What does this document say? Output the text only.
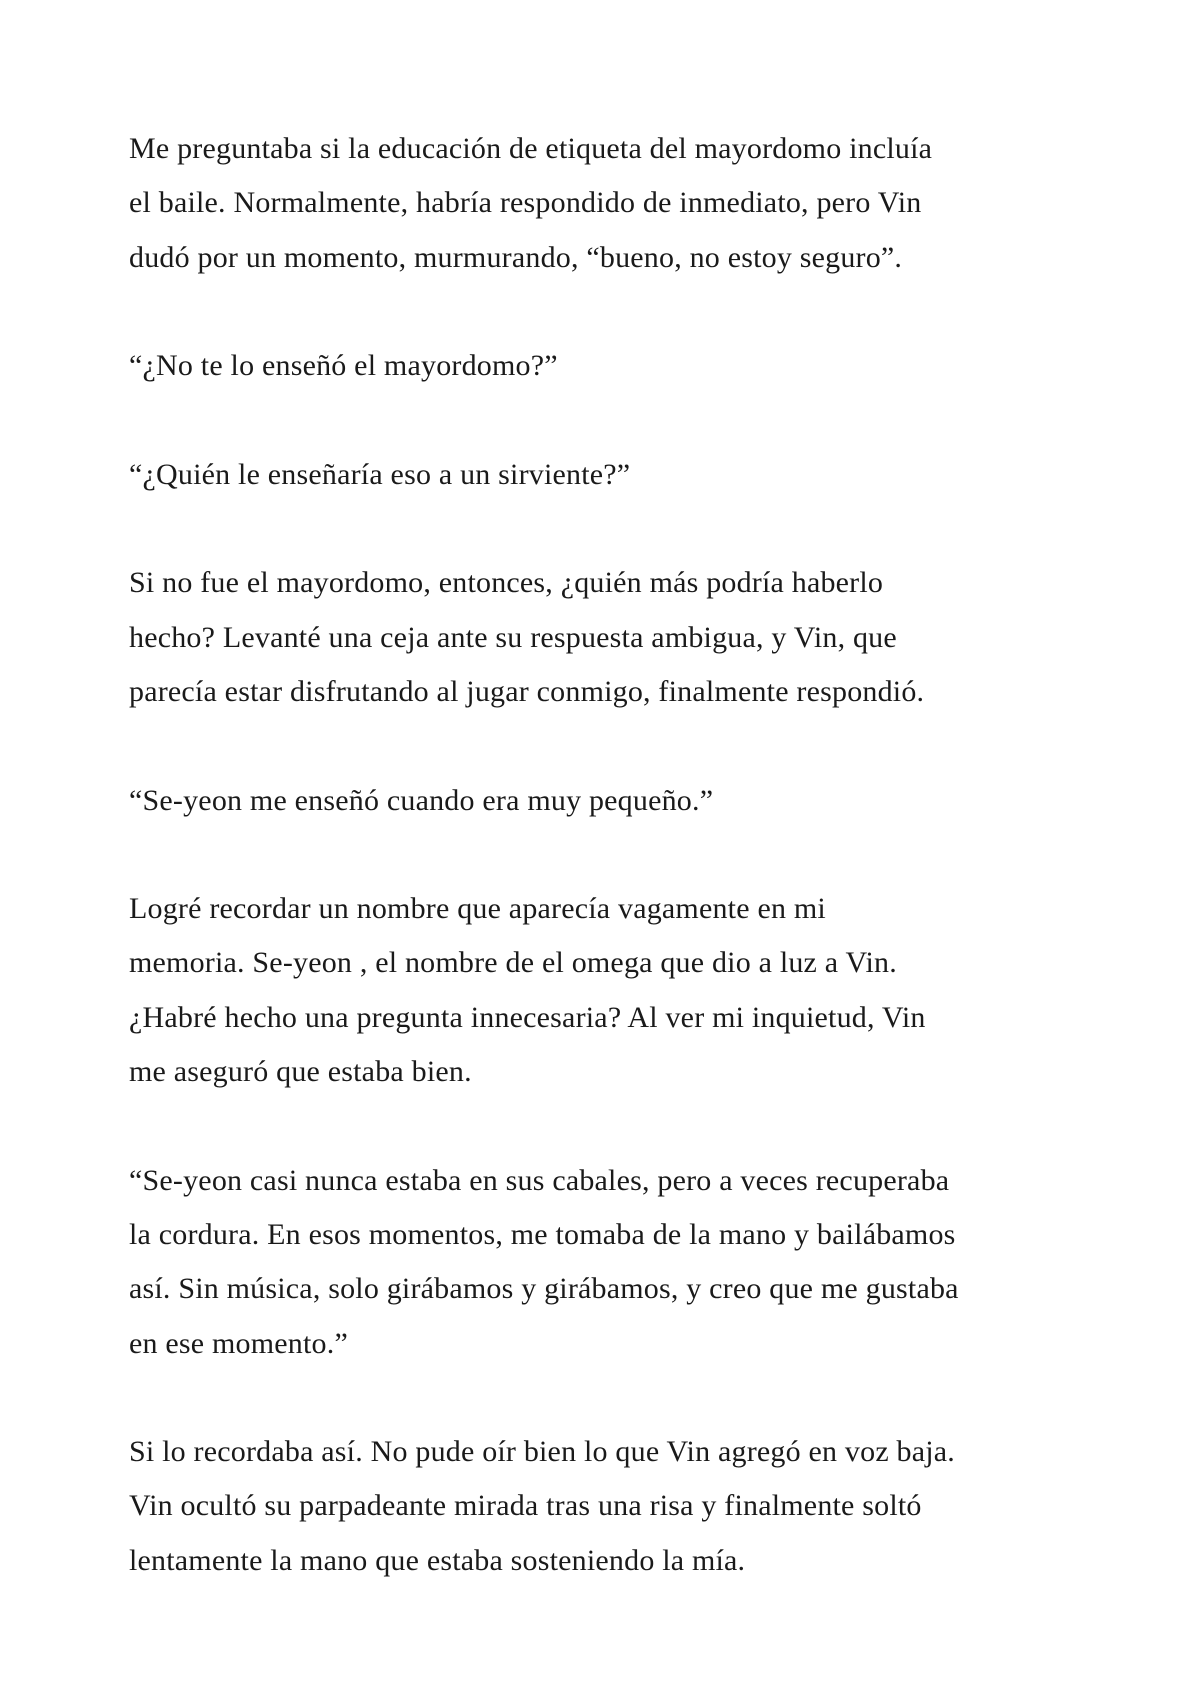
Me preguntaba si la educación de etiqueta del mayordomo incluía
el baile. Normalmente, habría respondido de inmediato, pero Vin
dudó por un momento, murmurando, “bueno, no estoy seguro”.

“¿No te lo enseñó el mayordomo?”

“¿Quién le enseñaría eso a un sirviente?”

Si no fue el mayordomo, entonces, ¿quién más podría haberlo
hecho? Levanté una ceja ante su respuesta ambigua, y Vin, que
parecía estar disfrutando al jugar conmigo, finalmente respondió.

“Se-yeon me enseñó cuando era muy pequeño.”

Logré recordar un nombre que aparecía vagamente en mi
memoria. Se-yeon , el nombre de el omega que dio a luz a Vin.
¿Habré hecho una pregunta innecesaria? Al ver mi inquietud, Vin
me aseguró que estaba bien.

“Se-yeon casi nunca estaba en sus cabales, pero a veces recuperaba
la cordura. En esos momentos, me tomaba de la mano y bailábamos
así. Sin música, solo girábamos y girábamos, y creo que me gustaba
en ese momento.”

Si lo recordaba así. No pude oír bien lo que Vin agregó en voz baja.
Vin ocultó su parpadeante mirada tras una risa y finalmente soltó
lentamente la mano que estaba sosteniendo la mía.
